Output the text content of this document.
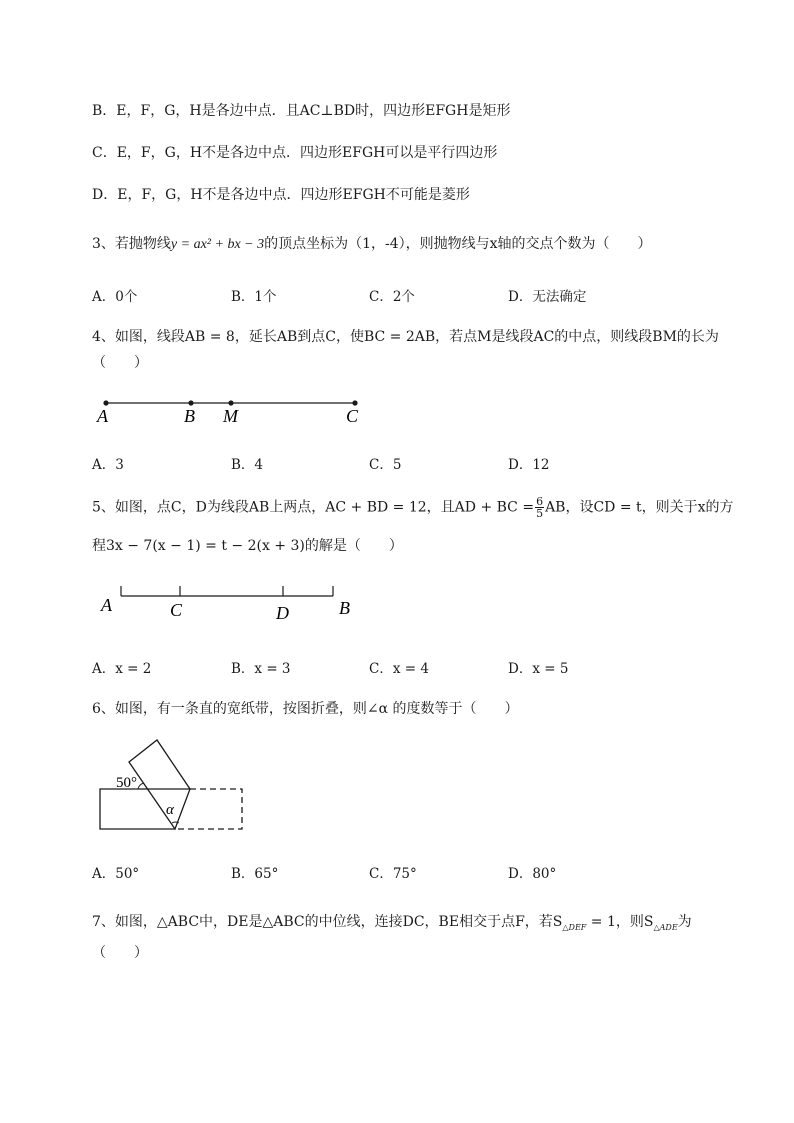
B．E，F，G，H是各边中点．且AC⊥BD时，四边形EFGH是矩形
C．E，F，G，H不是各边中点．四边形EFGH可以是平行四边形
D．E，F，G，H不是各边中点．四边形EFGH不可能是菱形
3、若抛物线y = ax² + bx − 3的顶点坐标为（1，-4），则抛物线与x轴的交点个数为（　　）
A．0个	B．1个	C．2个	D．无法确定
4、如图，线段AB = 8，延长AB到点C，使BC = 2AB，若点M是线段AC的中点，则线段BM的长为
（　　）
A	B M	C
A．3	B．4	C．5	D．12
5、如图，点C，D为线段AB上两点，AC + BD = 12，且AD + BC = $\frac{6}{5}$ AB，设CD = t，则关于x的方
程3x − 7(x − 1) = t − 2(x + 3)的解是（　　）
A	C	D	B
A．x = 2	B．x = 3	C．x = 4	D．x = 5
6、如图，有一条直的宽纸带，按图折叠，则∠α 的度数等于（　　）
50°
α
A．50°	B．65°	C．75°	D．80°
7、如图，△ABC中，DE是△ABC的中位线，连接DC，BE相交于点F，若$S_{\triangle DEF} = 1$，则$S_{\triangle ADE}$为
（　　）
